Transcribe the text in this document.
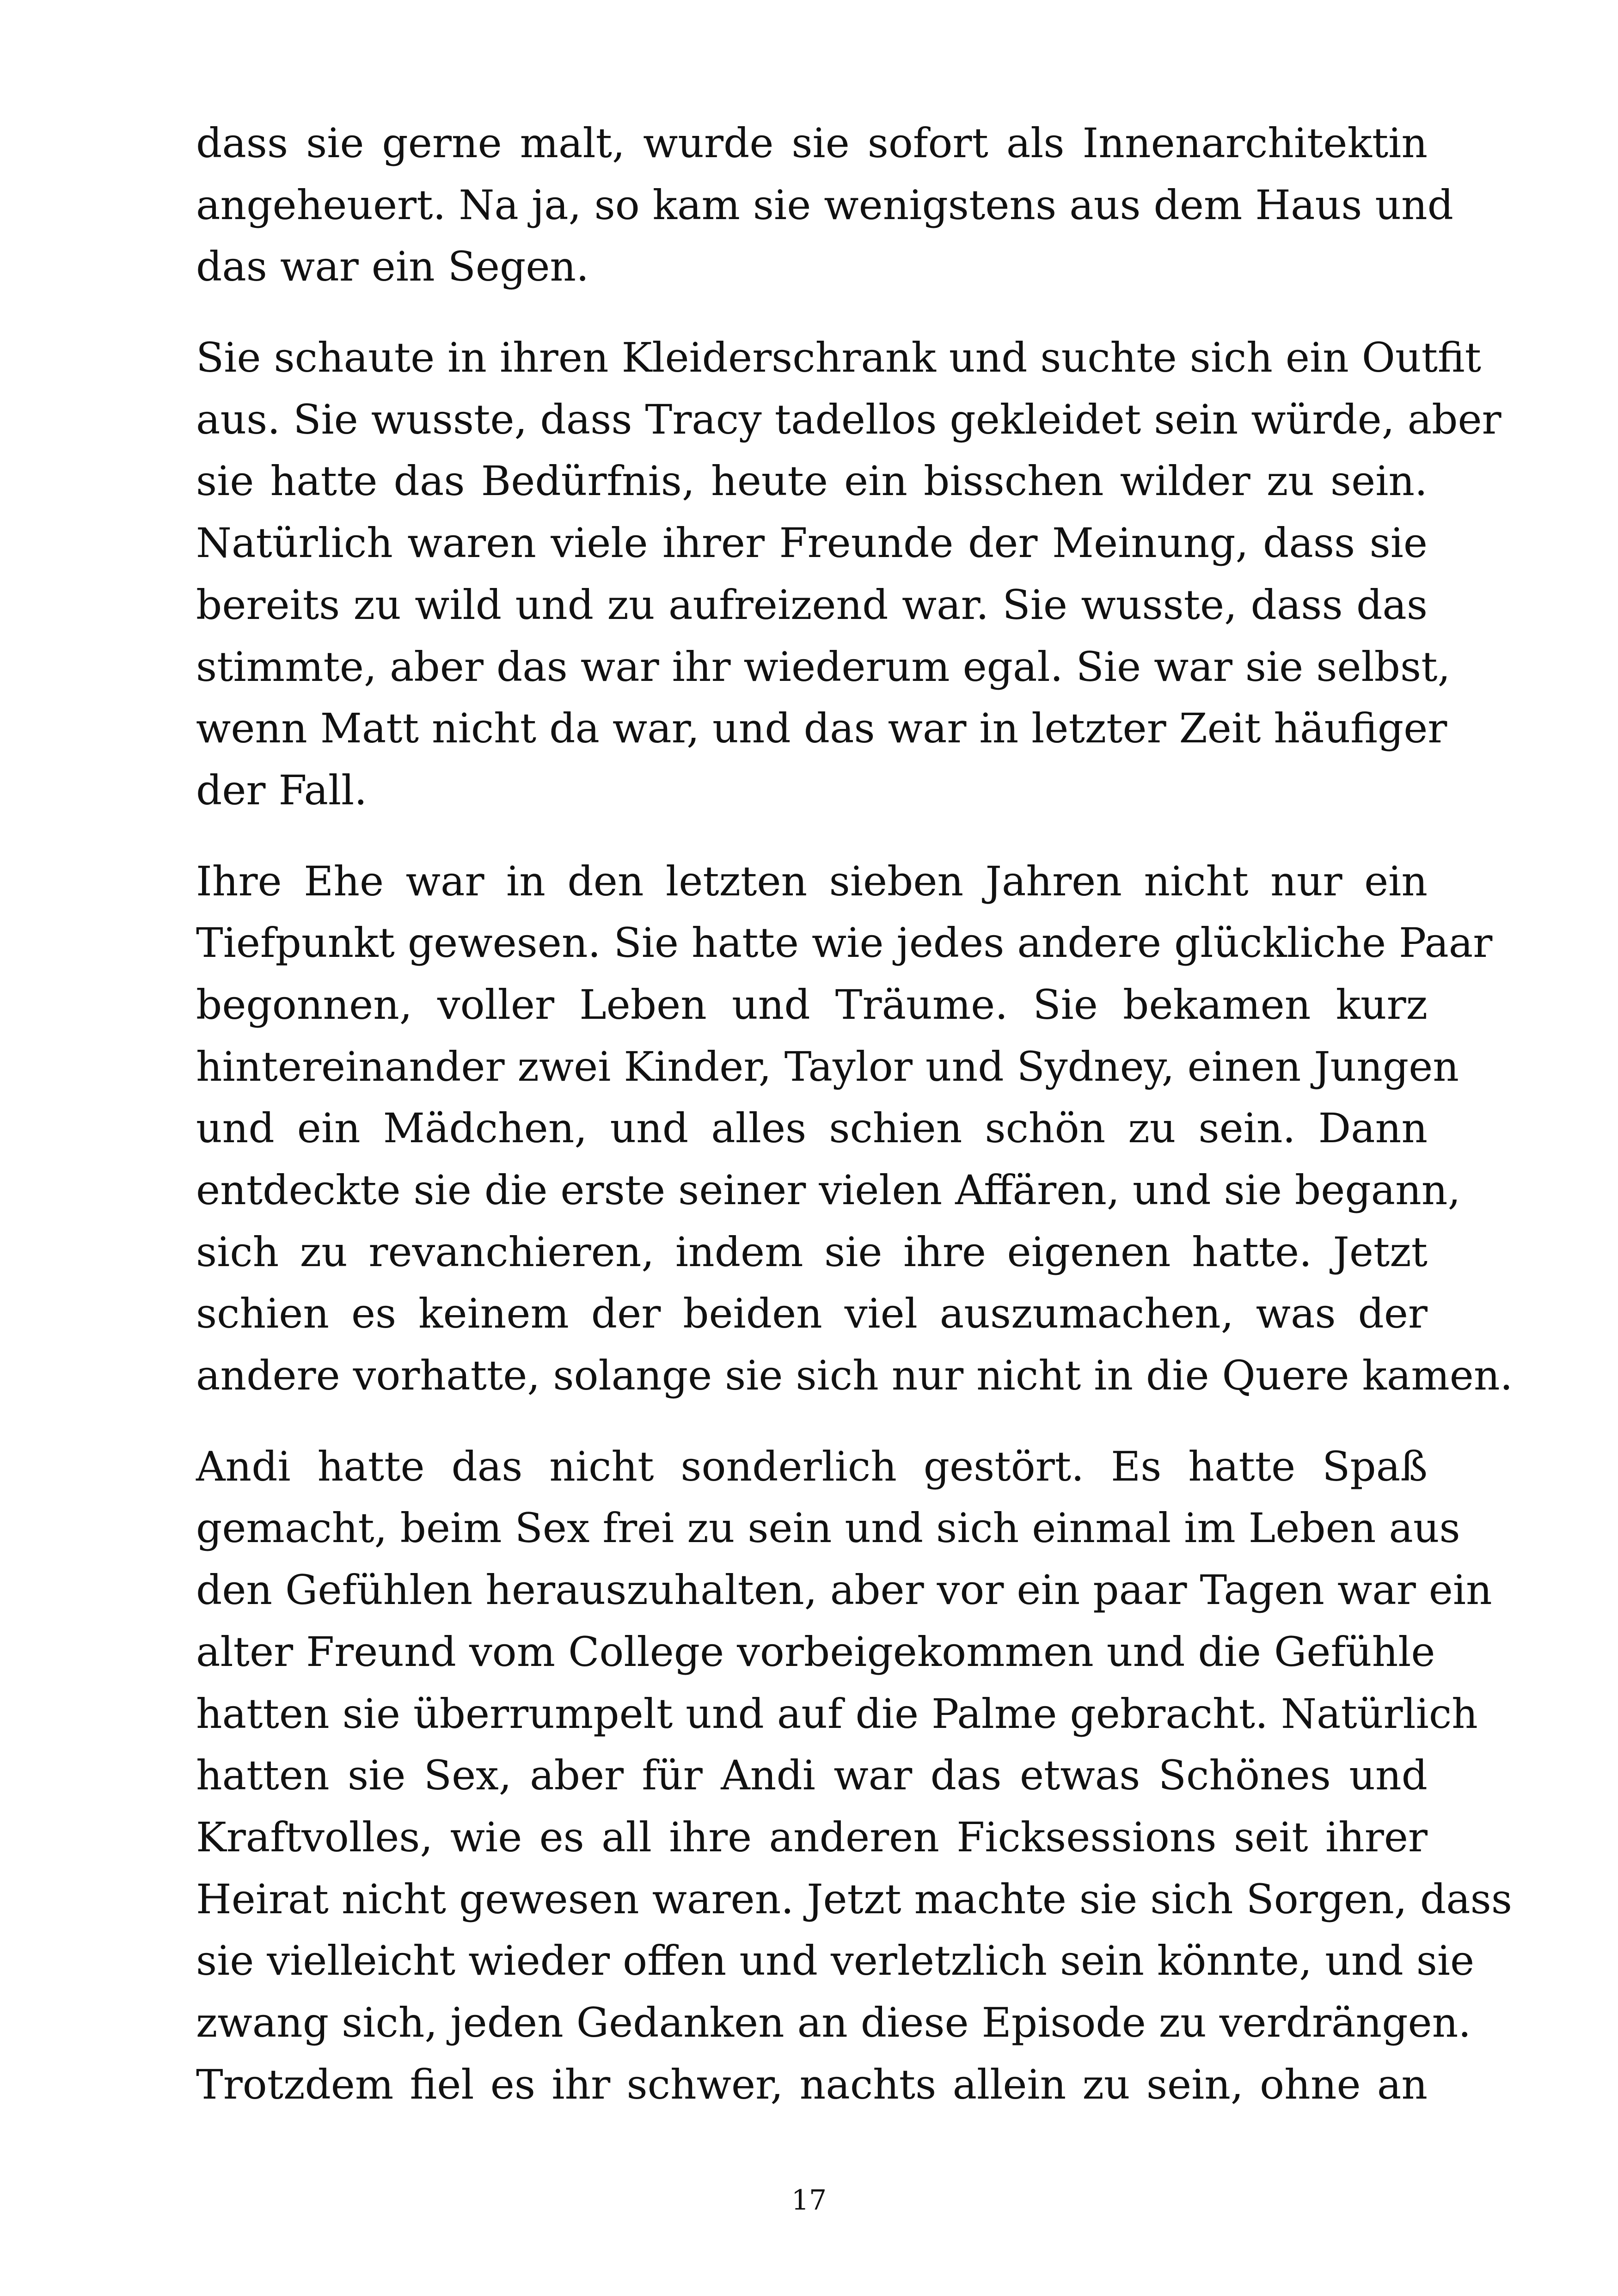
dass sie gerne malt, wurde sie sofort als Innenarchitektin
angeheuert. Na ja, so kam sie wenigstens aus dem Haus und
das war ein Segen.

Sie schaute in ihren Kleiderschrank und suchte sich ein Outfit
aus. Sie wusste, dass Tracy tadellos gekleidet sein würde, aber
sie hatte das Bedürfnis, heute ein bisschen wilder zu sein.
Natürlich waren viele ihrer Freunde der Meinung, dass sie
bereits zu wild und zu aufreizend war. Sie wusste, dass das
stimmte, aber das war ihr wiederum egal. Sie war sie selbst,
wenn Matt nicht da war, und das war in letzter Zeit häufiger
der Fall.

Ihre Ehe war in den letzten sieben Jahren nicht nur ein
Tiefpunkt gewesen. Sie hatte wie jedes andere glückliche Paar
begonnen, voller Leben und Träume. Sie bekamen kurz
hintereinander zwei Kinder, Taylor und Sydney, einen Jungen
und ein Mädchen, und alles schien schön zu sein. Dann
entdeckte sie die erste seiner vielen Affären, und sie begann,
sich zu revanchieren, indem sie ihre eigenen hatte. Jetzt
schien es keinem der beiden viel auszumachen, was der
andere vorhatte, solange sie sich nur nicht in die Quere kamen.

Andi hatte das nicht sonderlich gestört. Es hatte Spaß
gemacht, beim Sex frei zu sein und sich einmal im Leben aus
den Gefühlen herauszuhalten, aber vor ein paar Tagen war ein
alter Freund vom College vorbeigekommen und die Gefühle
hatten sie überrumpelt und auf die Palme gebracht. Natürlich
hatten sie Sex, aber für Andi war das etwas Schönes und
Kraftvolles, wie es all ihre anderen Ficksessions seit ihrer
Heirat nicht gewesen waren. Jetzt machte sie sich Sorgen, dass
sie vielleicht wieder offen und verletzlich sein könnte, und sie
zwang sich, jeden Gedanken an diese Episode zu verdrängen.
Trotzdem fiel es ihr schwer, nachts allein zu sein, ohne an

17
